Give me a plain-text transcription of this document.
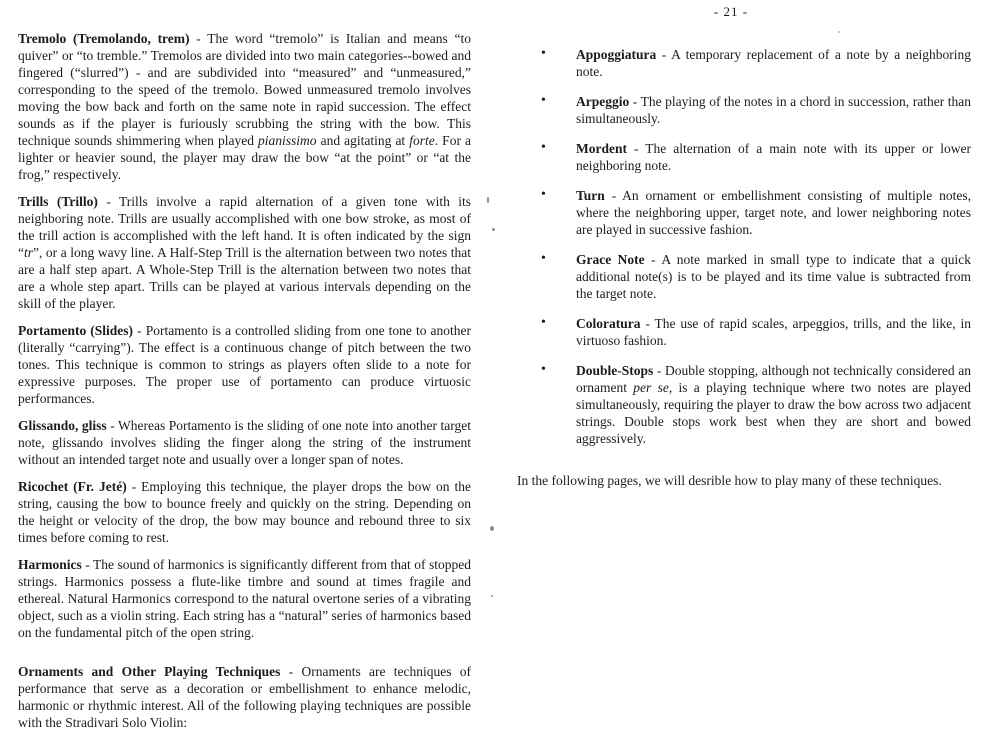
- 21 -

Tremolo (Tremolando, trem) - The word “tremolo” is Italian and means “to quiver” or “to tremble.” Tremolos are divided into two main categories--bowed and fingered (“slurred”) - and are subdivided into “measured” and “unmeasured,” corresponding to the speed of the tremolo. Bowed unmeasured tremolo involves moving the bow back and forth on the same note in rapid succession. The effect sounds as if the player is furiously scrubbing the string with the bow. This technique sounds shimmering when played pianissimo and agitating at forte. For a lighter or heavier sound, the player may draw the bow “at the point” or “at the frog,” respectively.

Trills (Trillo) - Trills involve a rapid alternation of a given tone with its neighboring note. Trills are usually accomplished with one bow stroke, as most of the trill action is accomplished with the left hand. It is often indicated by the sign “tr”, or a long wavy line. A Half-Step Trill is the alternation between two notes that are a half step apart. A Whole-Step Trill is the alternation between two notes that are a whole step apart. Trills can be played at various intervals depending on the skill of the player.

Portamento (Slides) - Portamento is a controlled sliding from one tone to another (literally “carrying”). The effect is a continuous change of pitch between the two tones. This technique is common to strings as players often slide to a note for expressive purposes. The proper use of portamento can produce virtuosic performances.

Glissando, gliss - Whereas Portamento is the sliding of one note into another target note, glissando involves sliding the finger along the string of the instrument without an intended target note and usually over a longer span of notes.

Ricochet (Fr. Jeté) - Employing this technique, the player drops the bow on the string, causing the bow to bounce freely and quickly on the string. Depending on the height or velocity of the drop, the bow may bounce and rebound three to six times before coming to rest.

Harmonics - The sound of harmonics is significantly different from that of stopped strings. Harmonics possess a flute-like timbre and sound at times fragile and ethereal. Natural Harmonics correspond to the natural overtone series of a vibrating object, such as a violin string. Each string has a “natural” series of harmonics based on the fundamental pitch of the open string.

Ornaments and Other Playing Techniques - Ornaments are techniques of performance that serve as a decoration or embellishment to enhance melodic, harmonic or rhythmic interest. All of the following playing techniques are possible with the Stradivari Solo Violin:

• Appoggiatura - A temporary replacement of a note by a neighboring note.
• Arpeggio - The playing of the notes in a chord in succession, rather than simultaneously.
• Mordent - The alternation of a main note with its upper or lower neighboring note.
• Turn - An ornament or embellishment consisting of multiple notes, where the neighboring upper, target note, and lower neighboring notes are played in successive fashion.
• Grace Note - A note marked in small type to indicate that a quick additional note(s) is to be played and its time value is subtracted from the target note.
• Coloratura - The use of rapid scales, arpeggios, trills, and the like, in virtuoso fashion.
• Double-Stops - Double stopping, although not technically considered an ornament per se, is a playing technique where two notes are played simultaneously, requiring the player to draw the bow across two adjacent strings. Double stops work best when they are short and bowed aggressively.

In the following pages, we will desrible how to play many of these techniques.
